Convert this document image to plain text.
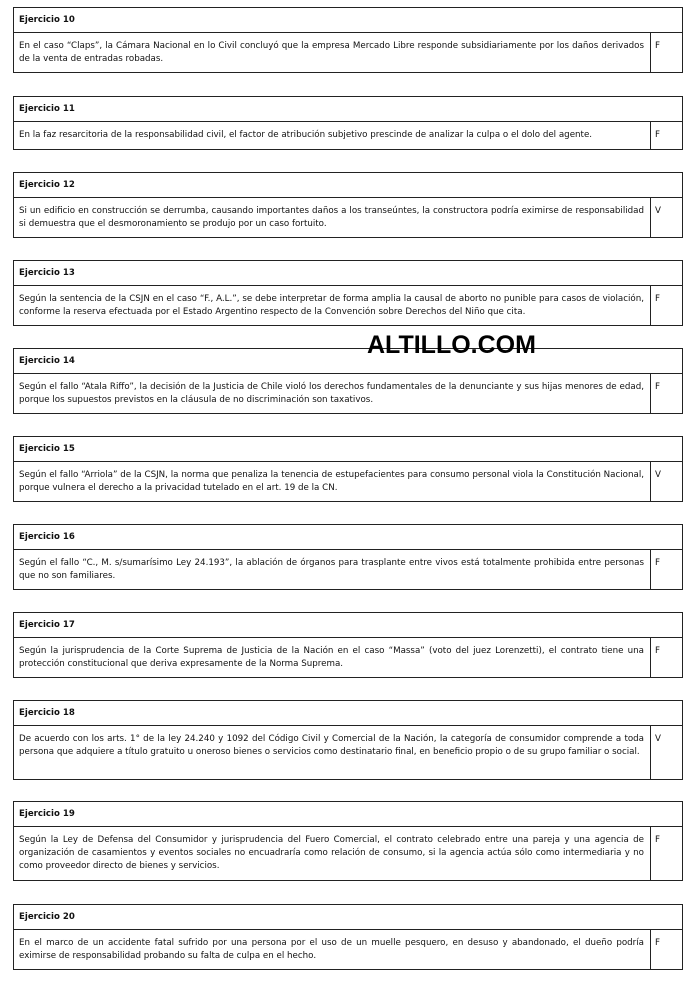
Ejercicio 10
En el caso “Claps”, la Cámara Nacional en lo Civil concluyó que la empresa Mercado Libre responde subsidiariamente por los daños derivados de la venta de entradas robadas.
F
Ejercicio 11
En la faz resarcitoria de la responsabilidad civil, el factor de atribución subjetivo prescinde de analizar la culpa o el dolo del agente.	F
Ejercicio 12
Si un edificio en construcción se derrumba, causando importantes daños a los transeúntes, la constructora podría eximirse de responsabilidad si demuestra que el desmoronamiento se produjo por un caso fortuito.
V
Ejercicio 13
Según la sentencia de la CSJN en el caso “F., A.L.”, se debe interpretar de forma amplia la causal de aborto no punible para casos de violación, conforme la reserva efectuada por el Estado Argentino respecto de la Convención sobre Derechos del Niño que cita.
F
Ejercicio 14
Según el fallo “Atala Riffo”, la decisión de la Justicia de Chile violó los derechos fundamentales de la denunciante y sus hijas menores de edad, porque los supuestos previstos en la cláusula de no discriminación son taxativos.
F
Ejercicio 15
Según el fallo “Arriola” de la CSJN, la norma que penaliza la tenencia de estupefacientes para consumo personal viola la Constitución Nacional, porque vulnera el derecho a la privacidad tutelado en el art. 19 de la CN.
V
Ejercicio 16
Según el fallo “C., M. s/sumarísimo Ley 24.193”, la ablación de órganos para trasplante entre vivos está totalmente prohibida entre personas que no son familiares.
F
Ejercicio 17
Según la jurisprudencia de la Corte Suprema de Justicia de la Nación en el caso “Massa” (voto del juez Lorenzetti), el contrato tiene una protección constitucional que deriva expresamente de la Norma Suprema.
F
Ejercicio 18
De acuerdo con los arts. 1° de la ley 24.240 y 1092 del Código Civil y Comercial de la Nación, la categoría de consumidor comprende a toda persona que adquiere a título gratuito u oneroso bienes o servicios como destinatario final, en beneficio propio o de su grupo familiar o social.
V
Ejercicio 19
Según la Ley de Defensa del Consumidor y jurisprudencia del Fuero Comercial, el contrato celebrado entre una pareja y una agencia de organización de casamientos y eventos sociales no encuadraría como relación de consumo, si la agencia actúa sólo como intermediaria y no como proveedor directo de bienes y servicios.
F
Ejercicio 20
En el marco de un accidente fatal sufrido por una persona por el uso de un muelle pesquero, en desuso y abandonado, el dueño podría eximirse de responsabilidad probando su falta de culpa en el hecho.
F
ALTILLO.COM
